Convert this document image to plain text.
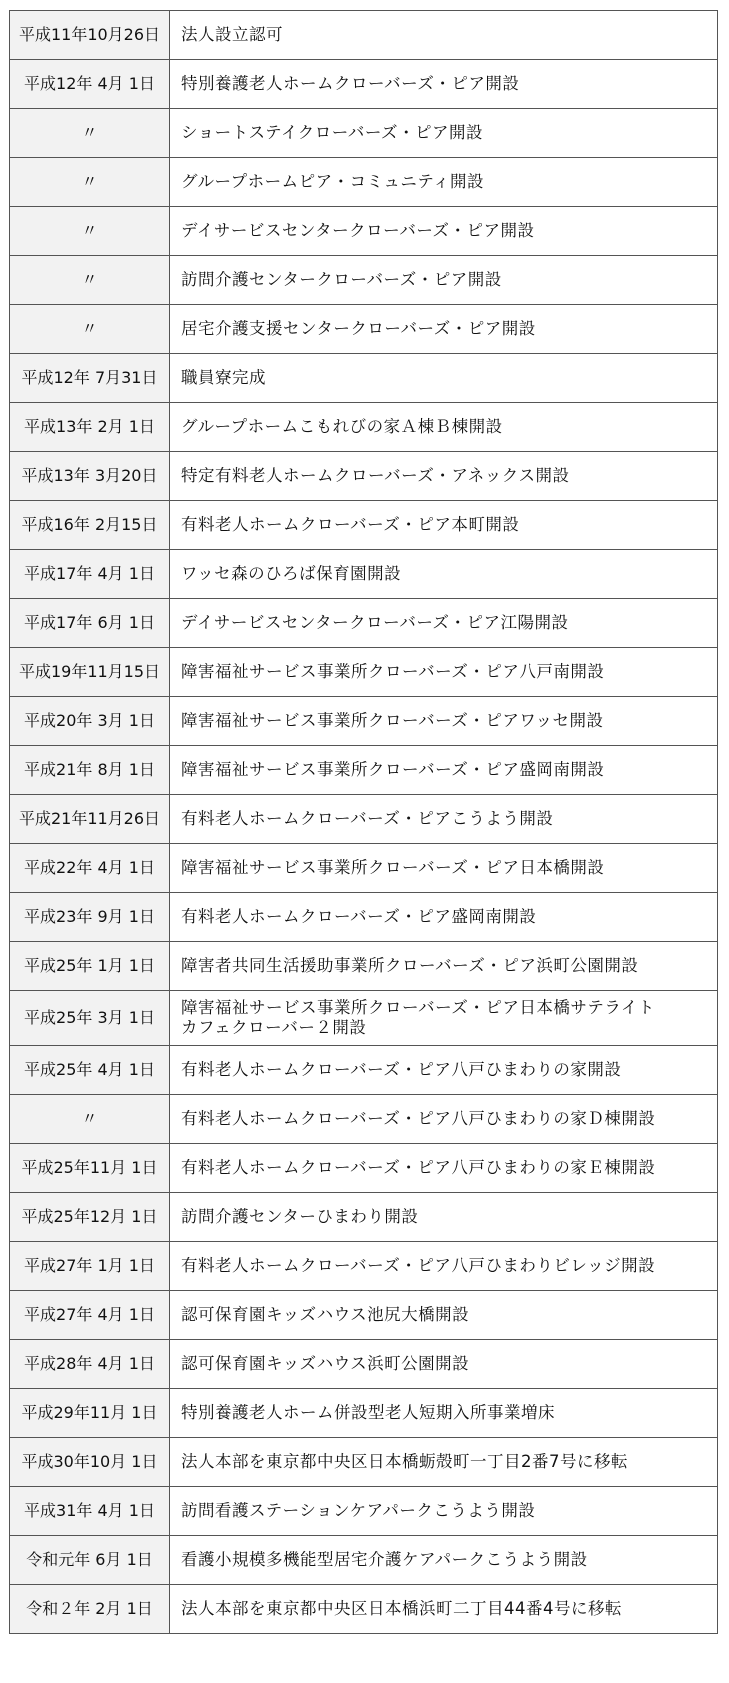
平成11年10月26日	法人設立認可
平成12年 4月 1日	特別養護老人ホームクローバーズ・ピア開設
〃	ショートステイクローバーズ・ピア開設
〃	グループホームピア・コミュニティ開設
〃	デイサービスセンタークローバーズ・ピア開設
〃	訪問介護センタークローバーズ・ピア開設
〃	居宅介護支援センタークローバーズ・ピア開設
平成12年 7月31日	職員寮完成
平成13年 2月 1日	グループホームこもれびの家Ａ棟Ｂ棟開設
平成13年 3月20日	特定有料老人ホームクローバーズ・アネックス開設
平成16年 2月15日	有料老人ホームクローバーズ・ピア本町開設
平成17年 4月 1日	ワッセ森のひろば保育園開設
平成17年 6月 1日	デイサービスセンタークローバーズ・ピア江陽開設
平成19年11月15日	障害福祉サービス事業所クローバーズ・ピア八戸南開設
平成20年 3月 1日	障害福祉サービス事業所クローバーズ・ピアワッセ開設
平成21年 8月 1日	障害福祉サービス事業所クローバーズ・ピア盛岡南開設
平成21年11月26日	有料老人ホームクローバーズ・ピアこうよう開設
平成22年 4月 1日	障害福祉サービス事業所クローバーズ・ピア日本橋開設
平成23年 9月 1日	有料老人ホームクローバーズ・ピア盛岡南開設
平成25年 1月 1日	障害者共同生活援助事業所クローバーズ・ピア浜町公園開設
平成25年 3月 1日	障害福祉サービス事業所クローバーズ・ピア日本橋サテライト
カフェクローバー２開設

平成25年 4月 1日	有料老人ホームクローバーズ・ピア八戸ひまわりの家開設
〃	有料老人ホームクローバーズ・ピア八戸ひまわりの家Ｄ棟開設
平成25年11月 1日	有料老人ホームクローバーズ・ピア八戸ひまわりの家Ｅ棟開設
平成25年12月 1日	訪問介護センターひまわり開設
平成27年 1月 1日	有料老人ホームクローバーズ・ピア八戸ひまわりビレッジ開設
平成27年 4月 1日	認可保育園キッズハウス池尻大橋開設
平成28年 4月 1日	認可保育園キッズハウス浜町公園開設
平成29年11月 1日	特別養護老人ホーム併設型老人短期入所事業増床
平成30年10月 1日	法人本部を東京都中央区日本橋蛎殻町一丁目2番7号に移転
平成31年 4月 1日	訪問看護ステーションケアパークこうよう開設
令和元年 6月 1日	看護小規模多機能型居宅介護ケアパークこうよう開設
令和２年 2月 1日	法人本部を東京都中央区日本橋浜町二丁目44番4号に移転
